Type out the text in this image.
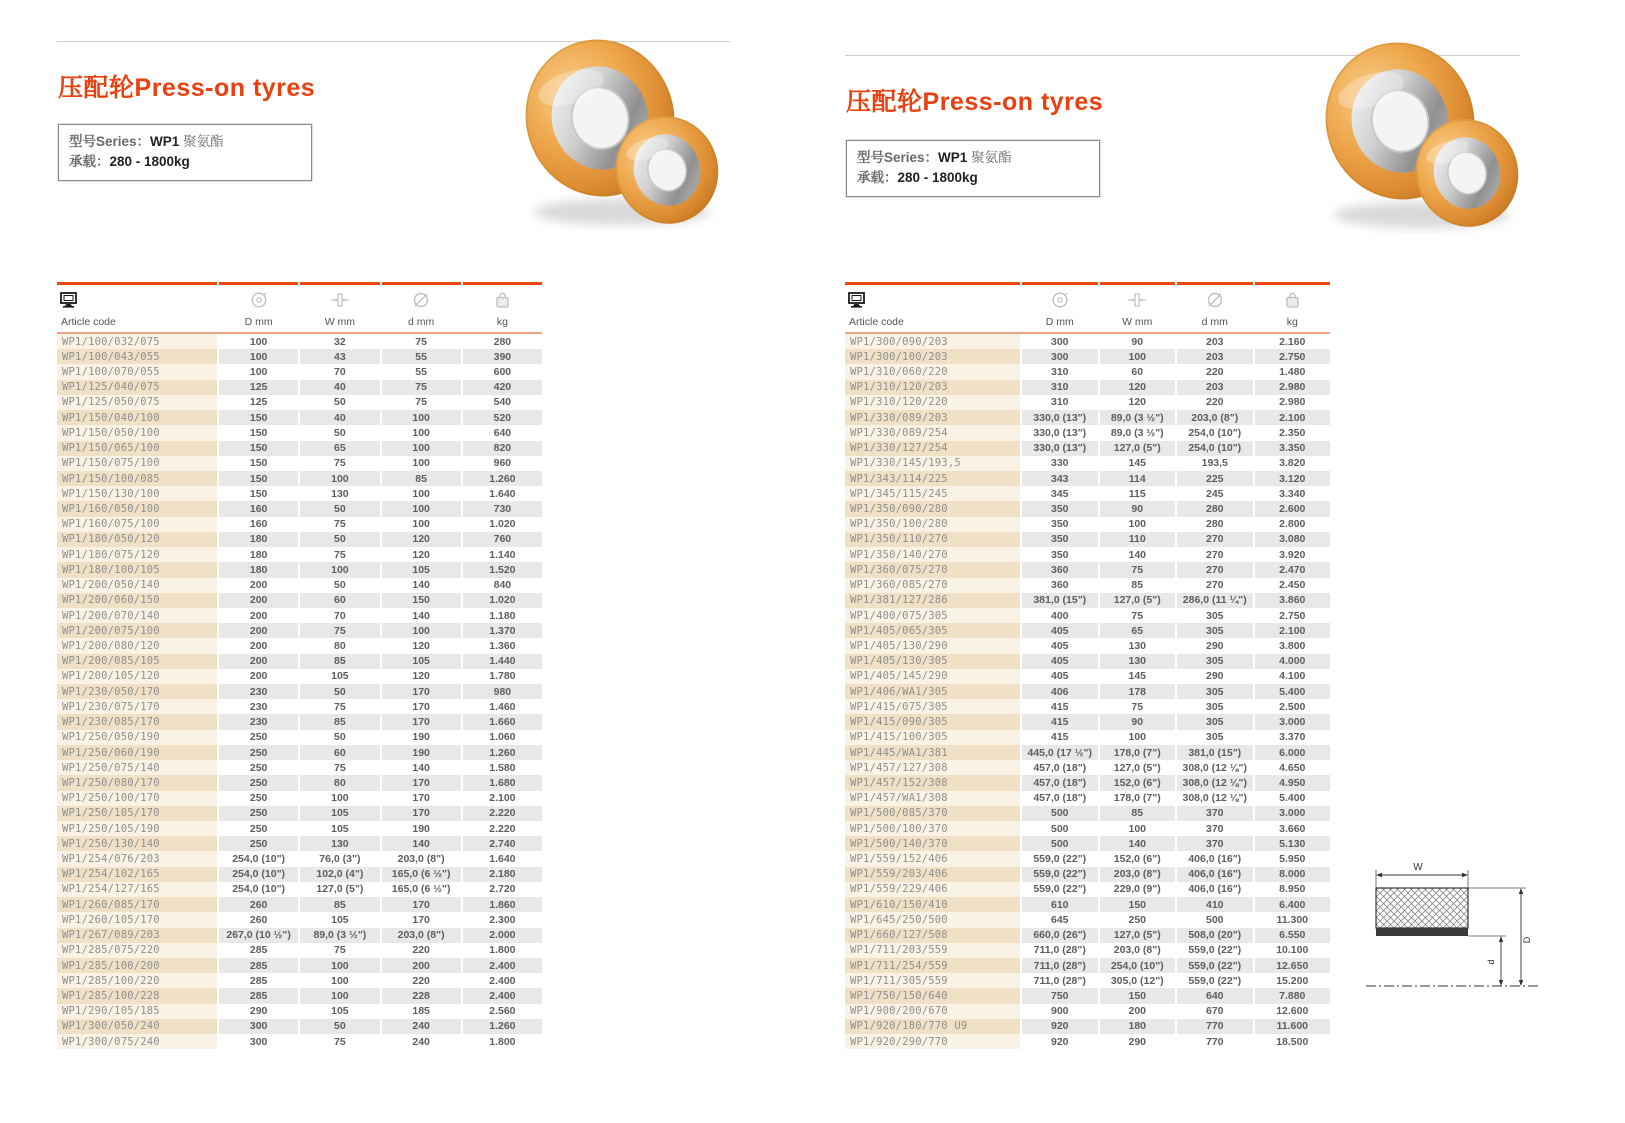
压配轮Press-on tyres
型号Series：WP1 聚氨酯
承载：280 - 1800kg
Article code	D mm	W mm	d mm	kg
WP1/100/032/075	100	32	75	280
WP1/100/043/055	100	43	55	390
WP1/100/070/055	100	70	55	600
WP1/125/040/075	125	40	75	420
WP1/125/050/075	125	50	75	540
WP1/150/040/100	150	40	100	520
WP1/150/050/100	150	50	100	640
WP1/150/065/100	150	65	100	820
WP1/150/075/100	150	75	100	960
WP1/150/100/085	150	100	85	1.260
WP1/150/130/100	150	130	100	1.640
WP1/160/050/100	160	50	100	730
WP1/160/075/100	160	75	100	1.020
WP1/180/050/120	180	50	120	760
WP1/180/075/120	180	75	120	1.140
WP1/180/100/105	180	100	105	1.520
WP1/200/050/140	200	50	140	840
WP1/200/060/150	200	60	150	1.020
WP1/200/070/140	200	70	140	1.180
WP1/200/075/100	200	75	100	1.370
WP1/200/080/120	200	80	120	1.360
WP1/200/085/105	200	85	105	1.440
WP1/200/105/120	200	105	120	1.780
WP1/230/050/170	230	50	170	980
WP1/230/075/170	230	75	170	1.460
WP1/230/085/170	230	85	170	1.660
WP1/250/050/190	250	50	190	1.060
WP1/250/060/190	250	60	190	1.260
WP1/250/075/140	250	75	140	1.580
WP1/250/080/170	250	80	170	1.680
WP1/250/100/170	250	100	170	2.100
WP1/250/105/170	250	105	170	2.220
WP1/250/105/190	250	105	190	2.220
WP1/250/130/140	250	130	140	2.740
WP1/254/076/203	254,0 (10")	76,0 (3")	203,0 (8")	1.640
WP1/254/102/165	254,0 (10")	102,0 (4")	165,0 (6 ½")	2.180
WP1/254/127/165	254,0 (10")	127,0 (5")	165,0 (6 ½")	2.720
WP1/260/085/170	260	85	170	1.860
WP1/260/105/170	260	105	170	2.300
WP1/267/089/203	267,0 (10 ½")	89,0 (3 ½")	203,0 (8")	2.000
WP1/285/075/220	285	75	220	1.800
WP1/285/100/200	285	100	200	2.400
WP1/285/100/220	285	100	220	2.400
WP1/285/100/228	285	100	228	2.400
WP1/290/105/185	290	105	185	2.560
WP1/300/050/240	300	50	240	1.260
WP1/300/075/240	300	75	240	1.800
压配轮Press-on tyres
型号Series：WP1 聚氨酯
承载：280 - 1800kg
Article code	D mm	W mm	d mm	kg
WP1/300/090/203	300	90	203	2.160
WP1/300/100/203	300	100	203	2.750
WP1/310/060/220	310	60	220	1.480
WP1/310/120/203	310	120	203	2.980
WP1/310/120/220	310	120	220	2.980
WP1/330/089/203	330,0 (13")	89,0 (3 ½")	203,0 (8")	2.100
WP1/330/089/254	330,0 (13")	89,0 (3 ½")	254,0 (10")	2.350
WP1/330/127/254	330,0 (13")	127,0 (5")	254,0 (10")	3.350
WP1/330/145/193,5	330	145	193,5	3.820
WP1/343/114/225	343	114	225	3.120
WP1/345/115/245	345	115	245	3.340
WP1/350/090/280	350	90	280	2.600
WP1/350/100/280	350	100	280	2.800
WP1/350/110/270	350	110	270	3.080
WP1/350/140/270	350	140	270	3.920
WP1/360/075/270	360	75	270	2.470
WP1/360/085/270	360	85	270	2.450
WP1/381/127/286	381,0 (15")	127,0 (5")	286,0 (11 ¼")	3.860
WP1/400/075/305	400	75	305	2.750
WP1/405/065/305	405	65	305	2.100
WP1/405/130/290	405	130	290	3.800
WP1/405/130/305	405	130	305	4.000
WP1/405/145/290	405	145	290	4.100
WP1/406/WA1/305	406	178	305	5.400
WP1/415/075/305	415	75	305	2.500
WP1/415/090/305	415	90	305	3.000
WP1/415/100/305	415	100	305	3.370
WP1/445/WA1/381	445,0 (17 ½")	178,0 (7")	381,0 (15")	6.000
WP1/457/127/308	457,0 (18")	127,0 (5")	308,0 (12 ⅛")	4.650
WP1/457/152/308	457,0 (18")	152,0 (6")	308,0 (12 ⅛")	4.950
WP1/457/WA1/308	457,0 (18")	178,0 (7")	308,0 (12 ⅛")	5.400
WP1/500/085/370	500	85	370	3.000
WP1/500/100/370	500	100	370	3.660
WP1/500/140/370	500	140	370	5.130
WP1/559/152/406	559,0 (22")	152,0 (6")	406,0 (16")	5.950
WP1/559/203/406	559,0 (22")	203,0 (8")	406,0 (16")	8.000
WP1/559/229/406	559,0 (22")	229,0 (9")	406,0 (16")	8.950
WP1/610/150/410	610	150	410	6.400
WP1/645/250/500	645	250	500	11.300
WP1/660/127/508	660,0 (26")	127,0 (5")	508,0 (20")	6.550
WP1/711/203/559	711,0 (28")	203,0 (8")	559,0 (22")	10.100
WP1/711/254/559	711,0 (28")	254,0 (10")	559,0 (22")	12.650
WP1/711/305/559	711,0 (28")	305,0 (12")	559,0 (22")	15.200
WP1/750/150/640	750	150	640	7.880
WP1/900/200/670	900	200	670	12.600
WP1/920/180/770 U9	920	180	770	11.600
WP1/920/290/770	920	290	770	18.500
W
D
d
